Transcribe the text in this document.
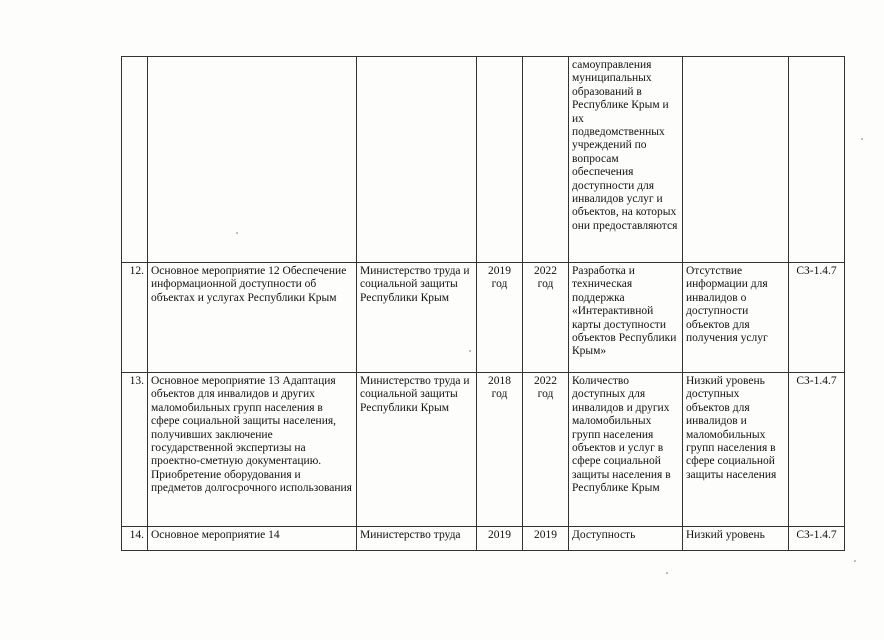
					самоуправления муниципальных образований в Республике Крым и их подведомственных учреждений по вопросам обеспечения доступности для инвалидов услуг и объектов, на которых они предоставляются		
12.	Основное мероприятие 12 Обеспечение информационной доступности об объектах и услугах Республики Крым	Министерство труда и социальной защиты Республики Крым	2019 год	2022 год	Разработка и техническая поддержка «Интерактивной карты доступности объектов Республики Крым»	Отсутствие информации для инвалидов о доступности объектов для получения услуг	СЗ-1.4.7
13.	Основное мероприятие 13 Адаптация объектов для инвалидов и других маломобильных групп населения в сфере социальной защиты населения, получивших заключение государственной экспертизы на проектно-сметную документацию. Приобретение оборудования и предметов долгосрочного использования	Министерство труда и социальной защиты Республики Крым	2018 год	2022 год	Количество доступных для инвалидов и других маломобильных групп населения объектов и услуг в сфере социальной защиты населения в Республике Крым	Низкий уровень доступных объектов для инвалидов и маломобильных групп населения в сфере социальной защиты населения	СЗ-1.4.7
14.	Основное мероприятие 14	Министерство труда	2019	2019	Доступность	Низкий уровень	СЗ-1.4.7
